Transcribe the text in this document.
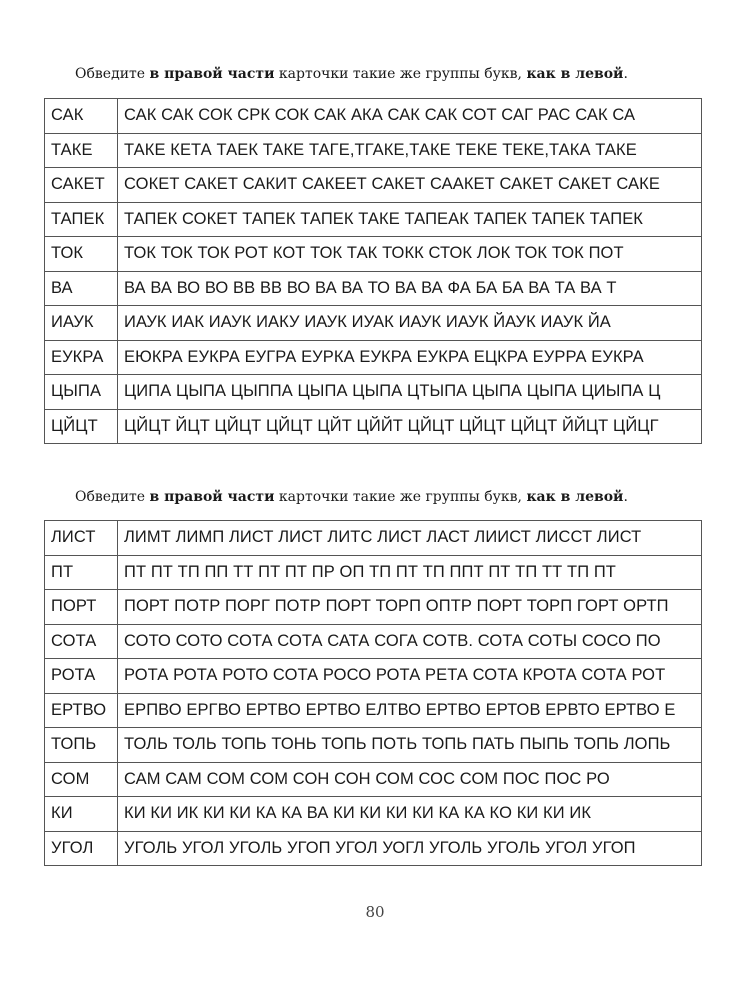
Обведите в правой части карточки такие же группы букв, как в левой.
САК	САК САК СОК СРК СОК САК АКА САК САК СОТ САГ РАС САК СА
ТАКЕ	ТАКЕ КЕТА ТАЕК ТАКЕ ТАГЕ,ТГАКЕ,ТАКЕ ТЕКЕ ТЕКЕ,ТАКА ТАКЕ
САКЕТ	СОКЕТ САКЕТ САКИТ САКЕЕТ САКЕТ СААКЕТ САКЕТ САКЕТ САКЕ
ТАПЕК	ТАПЕК СОКЕТ ТАПЕК ТАПЕК ТАКЕ ТАПЕАК ТАПЕК ТАПЕК ТАПЕК
ТОК	ТОК ТОК ТОК РОТ КОТ ТОК ТАК ТОКК СТОК ЛОК ТОК ТОК ПОТ
ВА	ВА ВА ВО ВО ВВ ВВ ВО ВА ВА ТО ВА ВА ФА БА БА ВА ТА ВА Т
ИАУК	ИАУК ИАК ИАУК ИАКУ ИАУК ИУАК ИАУК ИАУК ЙАУК ИАУК ЙА
ЕУКРА	ЕЮКРА ЕУКРА ЕУГРА ЕУРКА ЕУКРА ЕУКРА ЕЦКРА ЕУРРА ЕУКРА
ЦЫПА	ЦИПА ЦЫПА ЦЫППА ЦЫПА ЦЫПА ЦТЫПА ЦЫПА ЦЫПА ЦИЫПА Ц
ЦЙЦТ	ЦЙЦТ ЙЦТ ЦЙЦТ ЦЙЦТ ЦЙТ ЦЙЙТ ЦЙЦТ ЦЙЦТ ЦЙЦТ ЙЙЦТ ЦЙЦГ
Обведите в правой части карточки такие же группы букв, как в левой.
ЛИСТ	ЛИМТ ЛИМП ЛИСТ ЛИСТ ЛИТС ЛИСТ ЛАСТ ЛИИСТ ЛИССТ ЛИСТ
ПТ	ПТ ПТ ТП ПП ТТ ПТ ПТ ПР ОП ТП ПТ ТП ППТ ПТ ТП ТТ ТП ПТ
ПОРТ	ПОРТ ПОТР ПОРГ ПОТР ПОРТ ТОРП ОПТР ПОРТ ТОРП ГОРТ ОРТП
СОТА	СОТО СОТО СОТА СОТА САТА СОГА СОТВ. СОТА СОТЫ СОСО ПО
РОТА	РОТА РОТА РОТО СОТА РОСО РОТА РЕТА СОТА КРОТА СОТА РОТ
ЕРТВО	ЕРПВО ЕРГВО ЕРТВО ЕРТВО ЕЛТВО ЕРТВО ЕРТОВ ЕРВТО ЕРТВО Е
ТОПЬ	ТОЛЬ ТОЛЬ ТОПЬ ТОНЬ ТОПЬ ПОТЬ ТОПЬ ПАТЬ ПЫПЬ ТОПЬ ЛОПЬ
СОМ	САМ САМ СОМ СОМ СОН СОН СОМ СОС СОМ ПОС ПОС РО
КИ	КИ КИ ИК КИ КИ КА КА ВА КИ КИ КИ КИ КА КА КО КИ КИ ИК
УГОЛ	УГОЛЬ УГОЛ УГОЛЬ УГОП УГОЛ УОГЛ УГОЛЬ УГОЛЬ УГОЛ УГОП
80
